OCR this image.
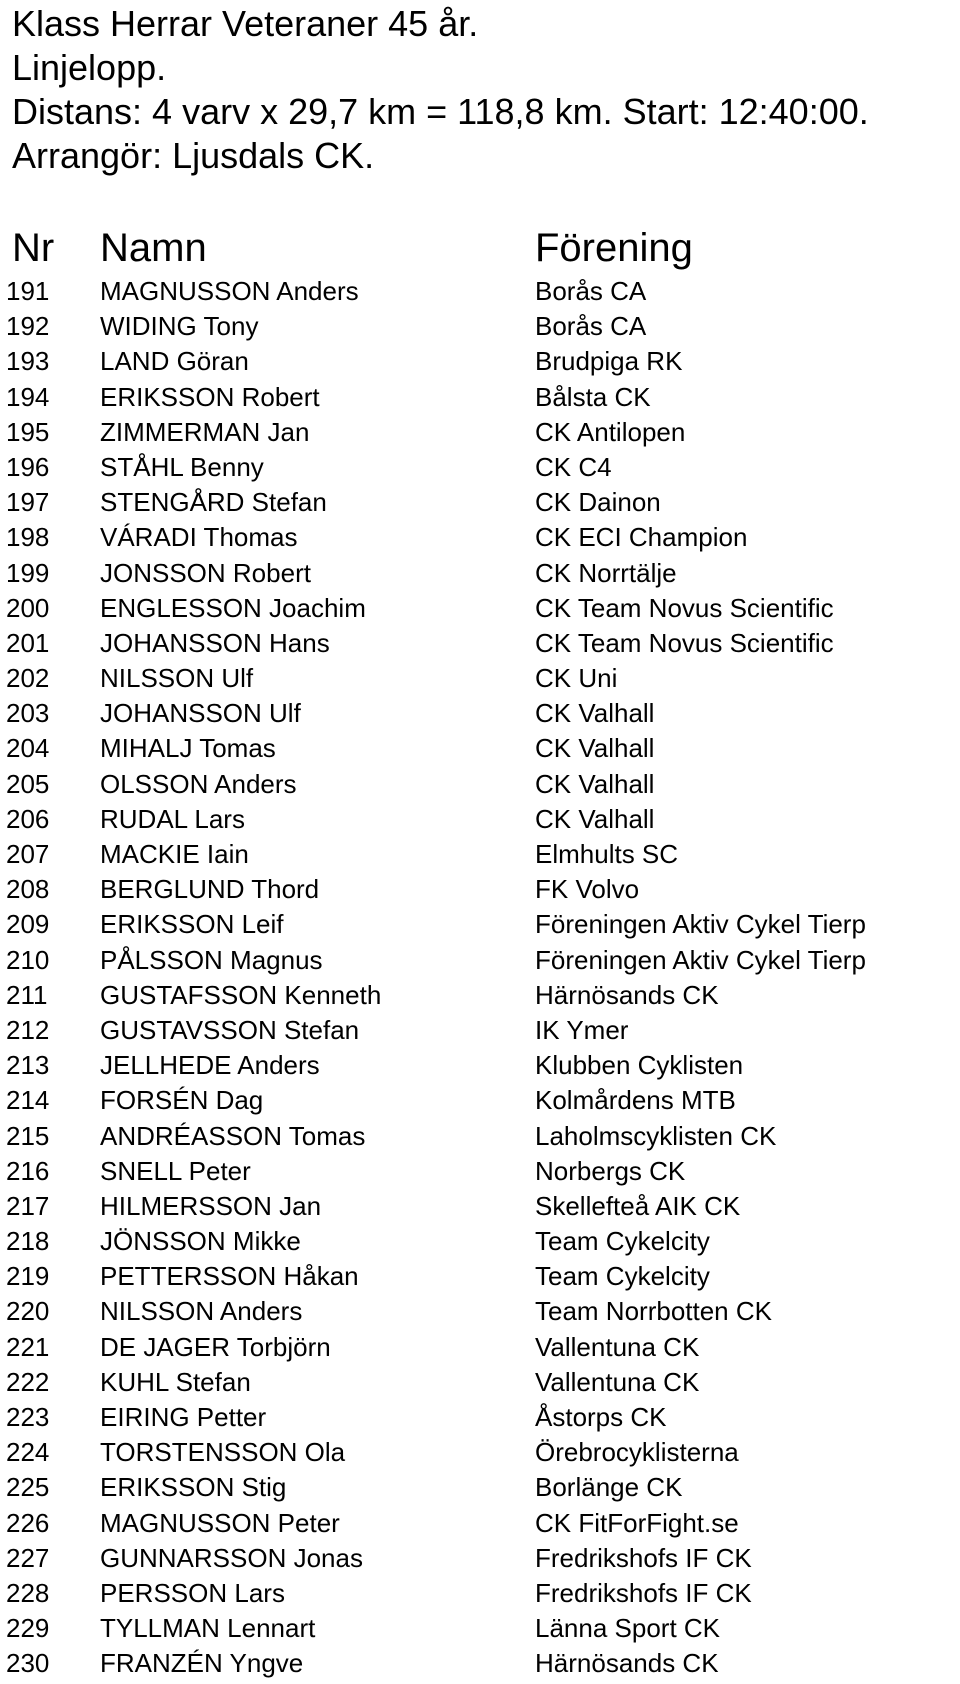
Klass Herrar Veteraner 45 år.

Linjelopp.

Distans: 4 varv x 29,7 km = 118,8 km. Start: 12:40:00.

Arrangör: Ljusdals CK.

Nr Namn	Förening
191 MAGNUSSON Anders	Borås CA
192 WIDING Tony	Borås CA
193 LAND Göran	Brudpiga RK
194 ERIKSSON Robert	Bålsta CK
195 ZIMMERMAN Jan	CK Antilopen
196 STÅHL Benny	CK C4
197 STENGÅRD Stefan	CK Dainon
198 VÁRADI Thomas	CK ECI Champion
199 JONSSON Robert	CK Norrtälje
200 ENGLESSON Joachim	CK Team Novus Scientific
201 JOHANSSON Hans	CK Team Novus Scientific
202 NILSSON Ulf	CK Uni
203 JOHANSSON Ulf	CK Valhall
204 MIHALJ Tomas	CK Valhall
205 OLSSON Anders	CK Valhall
206 RUDAL Lars	CK Valhall
207 MACKIE Iain	Elmhults SC
208 BERGLUND Thord	FK Volvo
209 ERIKSSON Leif	Föreningen Aktiv Cykel Tierp
210 PÅLSSON Magnus	Föreningen Aktiv Cykel Tierp
211 GUSTAFSSON Kenneth	Härnösands CK
212 GUSTAVSSON Stefan	IK Ymer
213 JELLHEDE Anders	Klubben Cyklisten
214 FORSÉN Dag	Kolmårdens MTB
215 ANDRÉASSON Tomas	Laholmscyklisten CK
216 SNELL Peter	Norbergs CK
217 HILMERSSON Jan	Skellefteå AIK CK
218 JÖNSSON Mikke	Team Cykelcity
219 PETTERSSON Håkan	Team Cykelcity
220 NILSSON Anders	Team Norrbotten CK
221 DE JAGER Torbjörn	Vallentuna CK
222 KUHL Stefan	Vallentuna CK
223 EIRING Petter	Åstorps CK
224 TORSTENSSON Ola	Örebrocyklisterna
225 ERIKSSON Stig	Borlänge CK
226 MAGNUSSON Peter	CK FitForFight.se
227 GUNNARSSON Jonas	Fredrikshofs IF CK
228 PERSSON Lars	Fredrikshofs IF CK
229 TYLLMAN Lennart	Länna Sport CK
230 FRANZÉN Yngve	Härnösands CK
